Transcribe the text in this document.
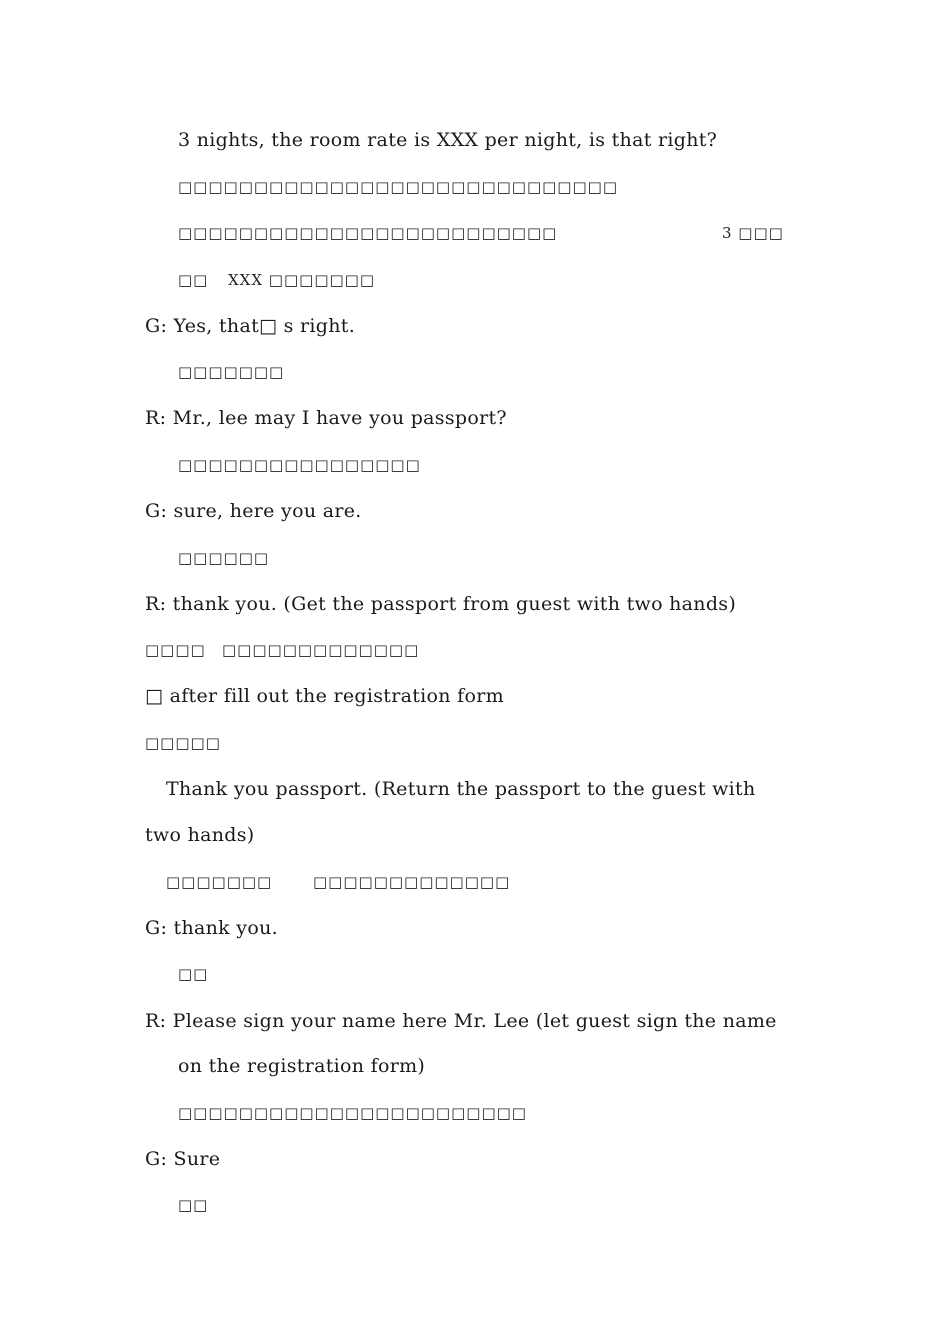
3 nights, the room rate is XXX per night, is that right?
□□□□□□□□□□□□□□□□□□□□□□□□□□□□□
□□□□□□□□□□□□□□□□□□□□□□□□□	3 □□□
□□ XXX □□□□□□□
G: Yes, that□ s right.
□□□□□□□
R: Mr., lee may I have you passport?
□□□□□□□□□□□□□□□□
G: sure, here you are.
□□□□□□
R: thank you. (Get the passport from guest with two hands)
□□□□ □□□□□□□□□□□□□
□ after fill out the registration form
□□□□□
Thank you passport. (Return the passport to the guest with
two hands)
□□□□□□□	□□□□□□□□□□□□□
G: thank you.
□□
R: Please sign your name here Mr. Lee (let guest sign the name
on the registration form)
□□□□□□□□□□□□□□□□□□□□□□□
G: Sure
□□
